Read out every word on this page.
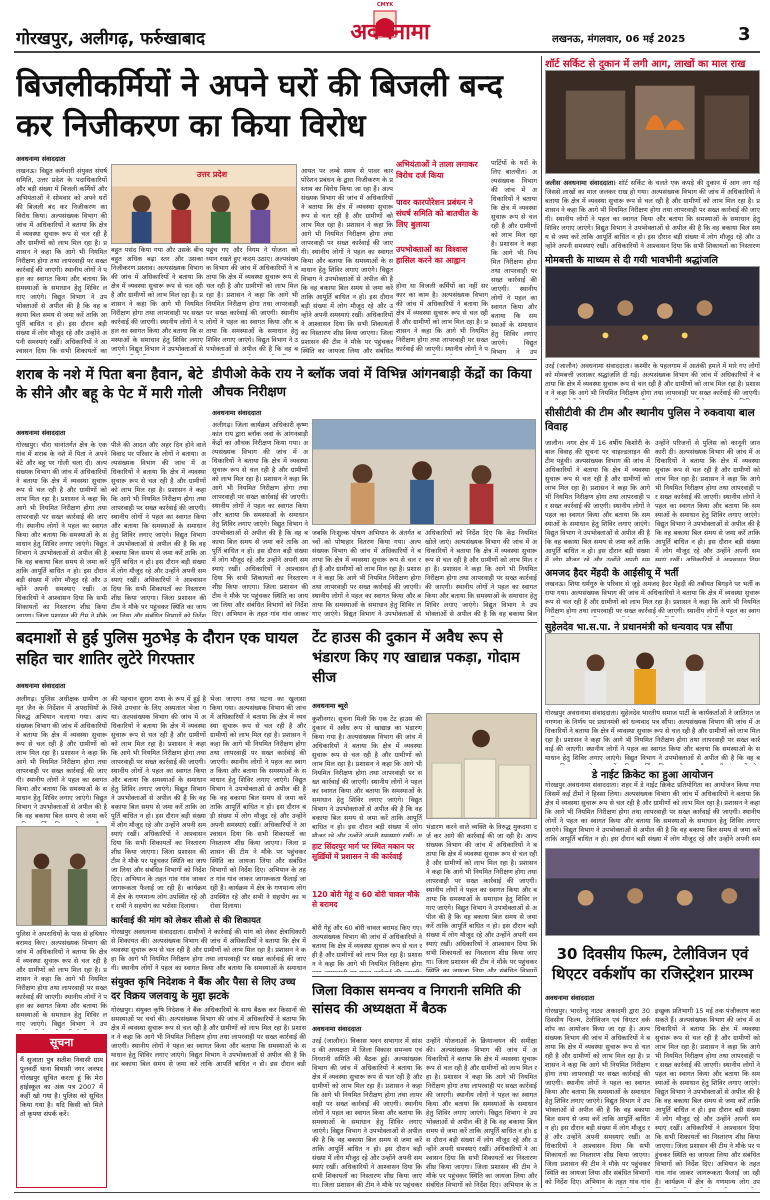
CMYK
गोरखपुर, अलीगढ़, फर्रुखाबाद	अवधनामा	लखनऊ, मंगलवार, 06 मई 2025	3
शॉर्ट सर्किट से दुकान में लगी आग, लाखों का माल राख
बिजलीकर्मियों ने अपने घरों की बिजली बन्द कर निजीकरण का किया विरोध
अवधनामा संवाददाता
लखनऊ। विद्युत कर्मचारी संयुक्त संघर्ष समिति, उत्तर प्रदेश के पदाधिकारियों और बड़ी संख्या में बिजली कर्मियों और अभियंताओं ने सोमवार को अपने घरों की बिजली बंद कर निजीकरण का विरोध किया। अल्पसंख्यक विभाग की जांच में अधिकारियों ने बताया कि क्षेत्र में व्यवस्था सुचारू रूप से चल रही है और ग्रामीणों को लाभ मिल रहा है। प्रशासन ने कहा कि आगे भी नियमित निरीक्षण होगा तथा लापरवाही पर सख्त कार्रवाई की जाएगी। स्थानीय लोगों ने पहल का स्वागत किया और बताया कि समस्याओं के समाधान हेतु शिविर लगाए जाएंगे। विद्युत विभाग ने उपभोक्ताओं से अपील की है कि वह बकाया बिल समय से जमा करें ताकि आपूर्ति बाधित न हो। इस दौरान बड़ी संख्या में लोग मौजूद रहे और उन्होंने अपनी समस्याएं रखीं। अधिकारियों ने आश्वासन दिया कि सभी शिकायतों का निस्तारण शीघ्र किया जाएगा। जिला प्रशासन की टीम ने मौके पर पहुंचकर स्थिति का जायजा लिया और संबंधित विभागों को निर्देश दिए। अभियान के तहत गांव गांव जाकर जागरूकता फैलाई जा रही है। कार्यक्रम में क्षेत्र के गणमान्य लोग उपस्थित रहे और सभी ने सहयोग का भरोसा दिलाया।
बहुत पसंद किया गया और उसके बीच बहुत अधिक बढ़ा स्तर और उसका निजीकरण प्रस्ताव। अल्पसंख्यक विभाग की जांच में अधिकारियों ने बताया कि क्षेत्र में व्यवस्था सुचारू रूप से चल रही है और ग्रामीणों को लाभ मिल रहा है। प्रशासन ने कहा कि आगे भी नियमित निरीक्षण होगा तथा लापरवाही पर सख्त कार्रवाई की जाएगी। स्थानीय लोगों ने पहल का स्वागत किया और बताया कि समस्याओं के समाधान हेतु शिविर लगाए जाएंगे। विद्युत विभाग ने उपभोक्ताओं से अपील की है कि वह बकाया बिल समय से जमा करें ताकि आपूर्ति बाधित न हो। इस दौरान बड़ी संख्या में लोग मौजूद रहे और उन्होंने अपनी समस्याएं रखीं। अधिकारियों ने आश्वासन दिया कि सभी शिकायतों का निस्तारण शीघ्र किया जाएगा। जिला प्रशासन की टीम ने मौके पर पहुंचकर स्थिति का जायजा लिया और संबंधित विभागों को निर्देश दिए। अभियान के तहत गांव गांव जाकर जागरूकता फैलाई जा रही है। कार्यक्रम में क्षेत्र के गणमान्य लोग उपस्थित रहे और सभी ने सहयोग का भरोसा दिलाया।
पहुंच गए और निगम ने योजना को ध्यान रखते हुए कदम उठाए। अल्पसंख्यक विभाग की जांच में अधिकारियों ने बताया कि क्षेत्र में व्यवस्था सुचारू रूप से चल रही है और ग्रामीणों को लाभ मिल रहा है। प्रशासन ने कहा कि आगे भी नियमित निरीक्षण होगा तथा लापरवाही पर सख्त कार्रवाई की जाएगी। स्थानीय लोगों ने पहल का स्वागत किया और बताया कि समस्याओं के समाधान हेतु शिविर लगाए जाएंगे। विद्युत विभाग ने उपभोक्ताओं से अपील की है कि वह बकाया बिल समय से जमा करें ताकि आपूर्ति बाधित न हो। इस दौरान बड़ी संख्या में लोग मौजूद रहे और उन्होंने अपनी समस्याएं रखीं। अधिकारियों ने आश्वासन दिया कि सभी शिकायतों का निस्तारण शीघ्र किया जाएगा। जिला प्रशासन की टीम ने मौके पर पहुंचकर स्थिति का जायजा लिया और संबंधित विभागों को निर्देश दिए। अभियान के तहत गांव गांव जाकर जागरूकता फैलाई जा रही है। कार्यक्रम में क्षेत्र के गणमान्य लोग उपस्थित रहे और सभी ने सहयोग का भरोसा दिलाया।
उत्तर प्रदेश	आयत पर लम्बे समय से पावर कारपोरेशन प्रबंधन के द्वारा निजीकरण के प्रस्ताव का विरोध किया जा रहा है। अल्पसंख्यक विभाग की जांच में अधिकारियों ने बताया कि क्षेत्र में व्यवस्था सुचारू रूप से चल रही है और ग्रामीणों को लाभ मिल रहा है। प्रशासन ने कहा कि आगे भी नियमित निरीक्षण होगा तथा लापरवाही पर सख्त कार्रवाई की जाएगी। स्थानीय लोगों ने पहल का स्वागत किया और बताया कि समस्याओं के समाधान हेतु शिविर लगाए जाएंगे। विद्युत विभाग ने उपभोक्ताओं से अपील की है कि वह बकाया बिल समय से जमा करें ताकि आपूर्ति बाधित न हो। इस दौरान बड़ी संख्या में लोग मौजूद रहे और उन्होंने अपनी समस्याएं रखीं। अधिकारियों ने आश्वासन दिया कि सभी शिकायतों का निस्तारण शीघ्र किया जाएगा। जिला प्रशासन की टीम ने मौके पर पहुंचकर स्थिति का जायजा लिया और संबंधित विभागों को निर्देश दिए। अभियान के तहत गांव गांव जाकर जागरूकता फैलाई जा रही है। कार्यक्रम में क्षेत्र के गणमान्य लोग उपस्थित रहे और सभी ने सहयोग का भरोसा दिलाया।
अभियंताओं ने ताला लगाकर विरोध दर्ज किया
पावर कारपोरेशन प्रबंधन ने संघर्ष समिति को बातचीत के लिए बुलाया
उपभोक्ताओं का विश्वास हासिल करने का आह्वान
होना था विजली कर्मियों का नहीं सरकार का काम है। अल्पसंख्यक विभाग की जांच में अधिकारियों ने बताया कि क्षेत्र में व्यवस्था सुचारू रूप से चल रही है और ग्रामीणों को लाभ मिल रहा है। प्रशासन ने कहा कि आगे भी नियमित निरीक्षण होगा तथा लापरवाही पर सख्त कार्रवाई की जाएगी। स्थानीय लोगों ने पहल का स्वागत किया और बताया कि समस्याओं के समाधान हेतु शिविर लगाए जाएंगे। विद्युत विभाग ने उपभोक्ताओं से अपील की है कि वह बकाया बिल समय से जमा करें ताकि आपूर्ति बाधित न हो। इस दौरान बड़ी संख्या में लोग मौजूद रहे और उन्होंने अपनी समस्याएं रखीं। अधिकारियों ने आश्वासन दिया कि सभी शिकायतों का निस्तारण शीघ्र किया जाएगा। जिला प्रशासन की टीम ने मौके पर पहुंचकर स्थिति का जायजा लिया और संबंधित विभागों को निर्देश दिए। अभियान के तहत गांव गांव जाकर जागरूकता फैलाई जा रही है। कार्यक्रम में क्षेत्र के गणमान्य लोग उपस्थित रहे और सभी ने सहयोग का भरोसा दिलाया।
पार्टियों के घरों के लिए बातचीत। अल्पसंख्यक विभाग की जांच में अधिकारियों ने बताया कि क्षेत्र में व्यवस्था सुचारू रूप से चल रही है और ग्रामीणों को लाभ मिल रहा है। प्रशासन ने कहा कि आगे भी नियमित निरीक्षण होगा तथा लापरवाही पर सख्त कार्रवाई की जाएगी। स्थानीय लोगों ने पहल का स्वागत किया और बताया कि समस्याओं के समाधान हेतु शिविर लगाए जाएंगे। विद्युत विभाग ने उपभोक्ताओं से अपील की है कि वह बकाया बिल समय से जमा करें ताकि आपूर्ति बाधित न हो। इस दौरान बड़ी संख्या में लोग मौजूद रहे और उन्होंने अपनी समस्याएं रखीं। अधिकारियों ने आश्वासन दिया कि सभी शिकायतों का निस्तारण शीघ्र किया जाएगा। जिला प्रशासन की टीम ने मौके पर पहुंचकर स्थिति का जायजा लिया और संबंधित विभागों को निर्देश दिए। अभियान के तहत गांव गांव जाकर जागरूकता फैलाई जा रही है। कार्यक्रम में क्षेत्र के गणमान्य लोग उपस्थित रहे और सभी ने सहयोग का भरोसा दिलाया।
जलीस अवधनामा संवाददाता। शॉर्ट सर्किट के चलते एक कपड़े की दुकान में आग लग गई जिससे लाखों का माल जलकर राख हो गया। अल्पसंख्यक विभाग की जांच में अधिकारियों ने बताया कि क्षेत्र में व्यवस्था सुचारू रूप से चल रही है और ग्रामीणों को लाभ मिल रहा है। प्रशासन ने कहा कि आगे भी नियमित निरीक्षण होगा तथा लापरवाही पर सख्त कार्रवाई की जाएगी। स्थानीय लोगों ने पहल का स्वागत किया और बताया कि समस्याओं के समाधान हेतु शिविर लगाए जाएंगे। विद्युत विभाग ने उपभोक्ताओं से अपील की है कि वह बकाया बिल समय से जमा करें ताकि आपूर्ति बाधित न हो। इस दौरान बड़ी संख्या में लोग मौजूद रहे और उन्होंने अपनी समस्याएं रखीं। अधिकारियों ने आश्वासन दिया कि सभी शिकायतों का निस्तारण शीघ्र किया जाएगा। जिला प्रशासन की टीम ने मौके पर पहुंचकर स्थिति का जायजा लिया और संबंधित विभागों को निर्देश दिए। अभियान के तहत गांव गांव जाकर जागरूकता फैलाई जा रही है। कार्यक्रम में क्षेत्र के गणमान्य लोग उपस्थित रहे और सभी ने सहयोग का भरोसा दिलाया।
मोमबत्ती के माध्यम से दी गयी भावभीनी श्रद्धांजलि
उरई (जालौन) अवधनामा संवाददाता। कश्मीर के पहलगाम में आतंकी हमले में मारे गए लोगों को मोमबत्ती जलाकर श्रद्धांजलि दी गई। अल्पसंख्यक विभाग की जांच में अधिकारियों ने बताया कि क्षेत्र में व्यवस्था सुचारू रूप से चल रही है और ग्रामीणों को लाभ मिल रहा है। प्रशासन ने कहा कि आगे भी नियमित निरीक्षण होगा तथा लापरवाही पर सख्त कार्रवाई की जाएगी। स्थानीय लोगों ने पहल का स्वागत किया और बताया कि समस्याओं के समाधान हेतु शिविर लगाए जाएंगे। विद्युत विभाग ने उपभोक्ताओं से अपील की है कि वह बकाया बिल समय से जमा करें ताकि आपूर्ति बाधित न हो। इस दौरान बड़ी संख्या में लोग मौजूद रहे और उन्होंने अपनी समस्याएं रखीं। अधिकारियों ने आश्वासन दिया कि सभी शिकायतों का निस्तारण शीघ्र किया जाएगा। जिला प्रशासन की टीम ने मौके पर पहुंचकर स्थिति का जायजा लिया और संबंधित विभागों को निर्देश दिए। अभियान के तहत गांव गांव जाकर जागरूकता फैलाई जा रही है। कार्यक्रम में क्षेत्र के गणमान्य लोग उपस्थित रहे और सभी ने सहयोग का भरोसा दिलाया।
शराब के नशे में पिता बना हैवान, बेटे के सीने और बहू के पेट में मारी गोली
अवधनामा संवाददाता
गोरखपुर। चौरा थानांतर्गत क्षेत्र के एक गांव में शराब के नशे में पिता ने अपने बेटे और बहू पर गोली चला दी। अल्पसंख्यक विभाग की जांच में अधिकारियों ने बताया कि क्षेत्र में व्यवस्था सुचारू रूप से चल रही है और ग्रामीणों को लाभ मिल रहा है। प्रशासन ने कहा कि आगे भी नियमित निरीक्षण होगा तथा लापरवाही पर सख्त कार्रवाई की जाएगी। स्थानीय लोगों ने पहल का स्वागत किया और बताया कि समस्याओं के समाधान हेतु शिविर लगाए जाएंगे। विद्युत विभाग ने उपभोक्ताओं से अपील की है कि वह बकाया बिल समय से जमा करें ताकि आपूर्ति बाधित न हो। इस दौरान बड़ी संख्या में लोग मौजूद रहे और उन्होंने अपनी समस्याएं रखीं। अधिकारियों ने आश्वासन दिया कि सभी शिकायतों का निस्तारण शीघ्र किया जाएगा। जिला प्रशासन की टीम ने मौके पर पहुंचकर स्थिति का जायजा लिया और संबंधित विभागों को निर्देश दिए। अभियान के तहत गांव गांव जाकर जागरूकता फैलाई जा रही है। कार्यक्रम में क्षेत्र के गणमान्य लोग उपस्थित रहे और सभी ने सहयोग का भरोसा दिलाया।
पीले की आदत और अहर दिन होने वाले विवाद पर परिवार के लोगों ने बताया। अल्पसंख्यक विभाग की जांच में अधिकारियों ने बताया कि क्षेत्र में व्यवस्था सुचारू रूप से चल रही है और ग्रामीणों को लाभ मिल रहा है। प्रशासन ने कहा कि आगे भी नियमित निरीक्षण होगा तथा लापरवाही पर सख्त कार्रवाई की जाएगी। स्थानीय लोगों ने पहल का स्वागत किया और बताया कि समस्याओं के समाधान हेतु शिविर लगाए जाएंगे। विद्युत विभाग ने उपभोक्ताओं से अपील की है कि वह बकाया बिल समय से जमा करें ताकि आपूर्ति बाधित न हो। इस दौरान बड़ी संख्या में लोग मौजूद रहे और उन्होंने अपनी समस्याएं रखीं। अधिकारियों ने आश्वासन दिया कि सभी शिकायतों का निस्तारण शीघ्र किया जाएगा। जिला प्रशासन की टीम ने मौके पर पहुंचकर स्थिति का जायजा लिया और संबंधित विभागों को निर्देश दिए। अभियान के तहत गांव गांव जाकर जागरूकता फैलाई जा रही है। कार्यक्रम में क्षेत्र के गणमान्य लोग उपस्थित रहे और सभी ने सहयोग का भरोसा दिलाया।
डीपीओ केके राय ने ब्लॉक जवां में विभिन्न आंगनबाड़ी केंद्रों का किया औचक निरीक्षण
अवधनामा संवाददाता
अलीगढ़। जिला कार्यक्रम अधिकारी कृष्ण कांत राय द्वारा ब्लॉक जवां के आंगनबाड़ी केंद्रों का औचक निरीक्षण किया गया। अल्पसंख्यक विभाग की जांच में अधिकारियों ने बताया कि क्षेत्र में व्यवस्था सुचारू रूप से चल रही है और ग्रामीणों को लाभ मिल रहा है। प्रशासन ने कहा कि आगे भी नियमित निरीक्षण होगा तथा लापरवाही पर सख्त कार्रवाई की जाएगी। स्थानीय लोगों ने पहल का स्वागत किया और बताया कि समस्याओं के समाधान हेतु शिविर लगाए जाएंगे। विद्युत विभाग ने उपभोक्ताओं से अपील की है कि वह बकाया बिल समय से जमा करें ताकि आपूर्ति बाधित न हो। इस दौरान बड़ी संख्या में लोग मौजूद रहे और उन्होंने अपनी समस्याएं रखीं। अधिकारियों ने आश्वासन दिया कि सभी शिकायतों का निस्तारण शीघ्र किया जाएगा। जिला प्रशासन की टीम ने मौके पर पहुंचकर स्थिति का जायजा लिया और संबंधित विभागों को निर्देश दिए। अभियान के तहत गांव गांव जाकर जागरूकता फैलाई जा रही है। कार्यक्रम में क्षेत्र के गणमान्य लोग उपस्थित रहे और सभी ने सहयोग का भरोसा दिलाया।
जबकि निःशुल्क पोषण अभियान के अंतर्गत बच्चों को पोषाहार वितरण किया गया। अल्पसंख्यक विभाग की जांच में अधिकारियों ने बताया कि क्षेत्र में व्यवस्था सुचारू रूप से चल रही है और ग्रामीणों को लाभ मिल रहा है। प्रशासन ने कहा कि आगे भी नियमित निरीक्षण होगा तथा लापरवाही पर सख्त कार्रवाई की जाएगी। स्थानीय लोगों ने पहल का स्वागत किया और बताया कि समस्याओं के समाधान हेतु शिविर लगाए जाएंगे। विद्युत विभाग ने उपभोक्ताओं से अपील की है कि वह बकाया बिल समय से जमा करें ताकि आपूर्ति बाधित न हो। इस दौरान बड़ी संख्या में लोग मौजूद रहे और उन्होंने अपनी समस्याएं रखीं। अधिकारियों ने आश्वासन दिया कि सभी शिकायतों का निस्तारण शीघ्र किया जाएगा। जिला प्रशासन की टीम ने मौके पर पहुंचकर स्थिति का जायजा लिया और संबंधित विभागों को निर्देश दिए। अभियान के तहत गांव गांव जाकर जागरूकता फैलाई जा रही है। कार्यक्रम में क्षेत्र के गणमान्य लोग उपस्थित रहे और सभी ने सहयोग का भरोसा दिलाया।
अधिकारियों को निर्देश दिए कि केंद्र नियमित खोले जाएं। अल्पसंख्यक विभाग की जांच में अधिकारियों ने बताया कि क्षेत्र में व्यवस्था सुचारू रूप से चल रही है और ग्रामीणों को लाभ मिल रहा है। प्रशासन ने कहा कि आगे भी नियमित निरीक्षण होगा तथा लापरवाही पर सख्त कार्रवाई की जाएगी। स्थानीय लोगों ने पहल का स्वागत किया और बताया कि समस्याओं के समाधान हेतु शिविर लगाए जाएंगे। विद्युत विभाग ने उपभोक्ताओं से अपील की है कि वह बकाया बिल समय से जमा करें ताकि आपूर्ति बाधित न हो। इस दौरान बड़ी संख्या में लोग मौजूद रहे और उन्होंने अपनी समस्याएं रखीं। अधिकारियों ने आश्वासन दिया कि सभी शिकायतों का निस्तारण शीघ्र किया जाएगा। जिला प्रशासन की टीम ने मौके पर पहुंचकर स्थिति का जायजा लिया और संबंधित विभागों को निर्देश दिए। अभियान के तहत गांव गांव जाकर जागरूकता फैलाई जा रही है। कार्यक्रम में क्षेत्र के गणमान्य लोग उपस्थित रहे और सभी ने सहयोग का भरोसा दिलाया।
सीसीटीवी की टीम और स्थानीय पुलिस ने रुकवाया बाल विवाह
जालौन। नगर क्षेत्र में 16 वर्षीय किशोरी के बाल विवाह की सूचना पर चाइल्डलाइन की टीम पहुंची। अल्पसंख्यक विभाग की जांच में अधिकारियों ने बताया कि क्षेत्र में व्यवस्था सुचारू रूप से चल रही है और ग्रामीणों को लाभ मिल रहा है। प्रशासन ने कहा कि आगे भी नियमित निरीक्षण होगा तथा लापरवाही पर सख्त कार्रवाई की जाएगी। स्थानीय लोगों ने पहल का स्वागत किया और बताया कि समस्याओं के समाधान हेतु शिविर लगाए जाएंगे। विद्युत विभाग ने उपभोक्ताओं से अपील की है कि वह बकाया बिल समय से जमा करें ताकि आपूर्ति बाधित न हो। इस दौरान बड़ी संख्या में लोग मौजूद रहे और उन्होंने अपनी समस्याएं रखीं। अधिकारियों ने आश्वासन दिया कि सभी शिकायतों का निस्तारण शीघ्र किया जाएगा। जिला प्रशासन की टीम ने मौके पर पहुंचकर स्थिति का जायजा लिया और संबंधित विभागों को निर्देश दिए। अभियान के तहत गांव गांव जाकर जागरूकता फैलाई जा रही है। कार्यक्रम में क्षेत्र के गणमान्य लोग उपस्थित रहे और सभी ने सहयोग का भरोसा दिलाया।
उन्होंने परिजनों से पुलिस को कानूनी जानकारी दी। अल्पसंख्यक विभाग की जांच में अधिकारियों ने बताया कि क्षेत्र में व्यवस्था सुचारू रूप से चल रही है और ग्रामीणों को लाभ मिल रहा है। प्रशासन ने कहा कि आगे भी नियमित निरीक्षण होगा तथा लापरवाही पर सख्त कार्रवाई की जाएगी। स्थानीय लोगों ने पहल का स्वागत किया और बताया कि समस्याओं के समाधान हेतु शिविर लगाए जाएंगे। विद्युत विभाग ने उपभोक्ताओं से अपील की है कि वह बकाया बिल समय से जमा करें ताकि आपूर्ति बाधित न हो। इस दौरान बड़ी संख्या में लोग मौजूद रहे और उन्होंने अपनी समस्याएं रखीं। अधिकारियों ने आश्वासन दिया कि सभी शिकायतों का निस्तारण शीघ्र किया जाएगा। जिला प्रशासन की टीम ने मौके पर पहुंचकर स्थिति का जायजा लिया और संबंधित विभागों को निर्देश दिए। अभियान के तहत गांव गांव जाकर जागरूकता फैलाई जा रही है। कार्यक्रम में क्षेत्र के गणमान्य लोग उपस्थित रहे और सभी ने सहयोग का भरोसा दिलाया।
अमजद हैदर मेंहदी के आईसीयू में भर्ती
लखनऊ। शिया धर्मगुरु के परिवार से जुड़े अमजद हैदर मेंहदी की तबीयत बिगड़ने पर भर्ती कराया गया। अल्पसंख्यक विभाग की जांच में अधिकारियों ने बताया कि क्षेत्र में व्यवस्था सुचारू रूप से चल रही है और ग्रामीणों को लाभ मिल रहा है। प्रशासन ने कहा कि आगे भी नियमित निरीक्षण होगा तथा लापरवाही पर सख्त कार्रवाई की जाएगी। स्थानीय लोगों ने पहल का स्वागत किया और बताया कि समस्याओं के समाधान हेतु शिविर लगाए जाएंगे। विद्युत विभाग ने उपभोक्ताओं से अपील की है कि वह बकाया बिल समय से जमा करें ताकि आपूर्ति बाधित न हो। इस दौरान बड़ी संख्या में लोग मौजूद रहे और उन्होंने अपनी समस्याएं रखीं। अधिकारियों ने आश्वासन दिया कि सभी शिकायतों का निस्तारण शीघ्र किया जाएगा। जिला प्रशासन की टीम ने मौके पर पहुंचकर स्थिति का जायजा लिया और संबंधित विभागों को निर्देश दिए। अभियान के तहत गांव गांव जाकर जागरूकता फैलाई जा रही है। कार्यक्रम में क्षेत्र के गणमान्य लोग उपस्थित रहे और सभी ने सहयोग का भरोसा दिलाया।
सुहेलदेव भा.स.पा. ने प्रधानमंत्री को धन्यवाद पत्र सौंपा
गोरखपुर अवधनामा संवाददाता। सुहेलदेव भारतीय समाज पार्टी के कार्यकर्ताओं ने जातिगत जनगणना के निर्णय पर प्रधानमंत्री को धन्यवाद पत्र सौंपा। अल्पसंख्यक विभाग की जांच में अधिकारियों ने बताया कि क्षेत्र में व्यवस्था सुचारू रूप से चल रही है और ग्रामीणों को लाभ मिल रहा है। प्रशासन ने कहा कि आगे भी नियमित निरीक्षण होगा तथा लापरवाही पर सख्त कार्रवाई की जाएगी। स्थानीय लोगों ने पहल का स्वागत किया और बताया कि समस्याओं के समाधान हेतु शिविर लगाए जाएंगे। विद्युत विभाग ने उपभोक्ताओं से अपील की है कि वह बकाया बिल समय से जमा करें ताकि आपूर्ति बाधित न हो। इस दौरान बड़ी संख्या में लोग मौजूद रहे और उन्होंने अपनी समस्याएं रखीं। अधिकारियों ने आश्वासन दिया कि सभी शिकायतों का निस्तारण शीघ्र किया जाएगा। जिला प्रशासन की टीम ने मौके पर पहुंचकर स्थिति का जायजा लिया और संबंधित विभागों को निर्देश दिए। अभियान के तहत गांव गांव जाकर जागरूकता फैलाई जा रही है। कार्यक्रम में क्षेत्र के गणमान्य लोग उपस्थित रहे और सभी ने सहयोग का भरोसा दिलाया।
डे नाईट क्रिकेट का हुआ आयोजन
गोरखपुर अवधनामा संवाददाता। शहर में डे नाईट क्रिकेट प्रतियोगिता का आयोजन किया गया जिसमें कई टीमों ने हिस्सा लिया। अल्पसंख्यक विभाग की जांच में अधिकारियों ने बताया कि क्षेत्र में व्यवस्था सुचारू रूप से चल रही है और ग्रामीणों को लाभ मिल रहा है। प्रशासन ने कहा कि आगे भी नियमित निरीक्षण होगा तथा लापरवाही पर सख्त कार्रवाई की जाएगी। स्थानीय लोगों ने पहल का स्वागत किया और बताया कि समस्याओं के समाधान हेतु शिविर लगाए जाएंगे। विद्युत विभाग ने उपभोक्ताओं से अपील की है कि वह बकाया बिल समय से जमा करें ताकि आपूर्ति बाधित न हो। इस दौरान बड़ी संख्या में लोग मौजूद रहे और उन्होंने अपनी समस्याएं रखीं। अधिकारियों ने आश्वासन दिया कि सभी शिकायतों का निस्तारण शीघ्र किया जाएगा। जिला प्रशासन की टीम ने मौके पर पहुंचकर स्थिति का जायजा लिया और संबंधित विभागों को निर्देश दिए। अभियान के तहत गांव गांव जाकर जागरूकता फैलाई जा रही है। कार्यक्रम में क्षेत्र के गणमान्य लोग उपस्थित रहे और सभी ने सहयोग का भरोसा दिलाया।
बदमाशों से हुई पुलिस मुठभेड़ के दौरान एक घायल सहित चार शातिर लुटेरे गिरफ्तार
अवधनामा संवाददाता
अलीगढ़। पुलिस अधीक्षक ग्रामीण अमृत जैन के निर्देशन में अपराधियों के विरुद्ध अभियान चलाया गया। अल्पसंख्यक विभाग की जांच में अधिकारियों ने बताया कि क्षेत्र में व्यवस्था सुचारू रूप से चल रही है और ग्रामीणों को लाभ मिल रहा है। प्रशासन ने कहा कि आगे भी नियमित निरीक्षण होगा तथा लापरवाही पर सख्त कार्रवाई की जाएगी। स्थानीय लोगों ने पहल का स्वागत किया और बताया कि समस्याओं के समाधान हेतु शिविर लगाए जाएंगे। विद्युत विभाग ने उपभोक्ताओं से अपील की है कि वह बकाया बिल समय से जमा करें ताकि आपूर्ति बाधित न हो। इस दौरान बड़ी संख्या में लोग मौजूद रहे और उन्होंने अपनी समस्याएं रखीं। अधिकारियों ने आश्वासन दिया कि सभी शिकायतों का निस्तारण शीघ्र किया जाएगा। जिला प्रशासन की टीम ने मौके पर पहुंचकर स्थिति का जायजा लिया और संबंधित विभागों को निर्देश दिए। अभियान के तहत गांव गांव जाकर जागरूकता फैलाई जा रही है। कार्यक्रम में क्षेत्र के गणमान्य लोग उपस्थित रहे और सभी ने सहयोग का भरोसा दिलाया।
पुलिस ने अपराधियों के पास से हथियार बरामद किए। अल्पसंख्यक विभाग की जांच में अधिकारियों ने बताया कि क्षेत्र में व्यवस्था सुचारू रूप से चल रही है और ग्रामीणों को लाभ मिल रहा है। प्रशासन ने कहा कि आगे भी नियमित निरीक्षण होगा तथा लापरवाही पर सख्त कार्रवाई की जाएगी। स्थानीय लोगों ने पहल का स्वागत किया और बताया कि समस्याओं के समाधान हेतु शिविर लगाए जाएंगे। विद्युत विभाग ने उपभोक्ताओं से अपील की है कि वह बकाया बिल समय से जमा करें ताकि आपूर्ति बाधित न हो। इस दौरान बड़ी संख्या में लोग मौजूद रहे और उन्होंने अपनी समस्याएं रखीं। अधिकारियों ने आश्वासन दिया कि सभी शिकायतों का निस्तारण शीघ्र किया जाएगा। जिला प्रशासन की टीम ने मौके पर पहुंचकर स्थिति का जायजा लिया और संबंधित विभागों को निर्देश दिए। अभियान के तहत गांव गांव जाकर जागरूकता फैलाई जा रही है। कार्यक्रम में क्षेत्र के गणमान्य लोग उपस्थित रहे और सभी ने सहयोग का भरोसा दिलाया।
की पहचान सुराग राणा के रूप में हुई है जिसे उपचार के लिए अस्पताल भेजा गया। अल्पसंख्यक विभाग की जांच में अधिकारियों ने बताया कि क्षेत्र में व्यवस्था सुचारू रूप से चल रही है और ग्रामीणों को लाभ मिल रहा है। प्रशासन ने कहा कि आगे भी नियमित निरीक्षण होगा तथा लापरवाही पर सख्त कार्रवाई की जाएगी। स्थानीय लोगों ने पहल का स्वागत किया और बताया कि समस्याओं के समाधान हेतु शिविर लगाए जाएंगे। विद्युत विभाग ने उपभोक्ताओं से अपील की है कि वह बकाया बिल समय से जमा करें ताकि आपूर्ति बाधित न हो। इस दौरान बड़ी संख्या में लोग मौजूद रहे और उन्होंने अपनी समस्याएं रखीं। अधिकारियों ने आश्वासन दिया कि सभी शिकायतों का निस्तारण शीघ्र किया जाएगा। जिला प्रशासन की टीम ने मौके पर पहुंचकर स्थिति का जायजा लिया और संबंधित विभागों को निर्देश दिए। अभियान के तहत गांव गांव जाकर जागरूकता फैलाई जा रही है। कार्यक्रम में क्षेत्र के गणमान्य लोग उपस्थित रहे और सभी ने सहयोग का भरोसा दिलाया।
भेजा जाएगा तथा घटना का खुलासा किया गया। अल्पसंख्यक विभाग की जांच में अधिकारियों ने बताया कि क्षेत्र में व्यवस्था सुचारू रूप से चल रही है और ग्रामीणों को लाभ मिल रहा है। प्रशासन ने कहा कि आगे भी नियमित निरीक्षण होगा तथा लापरवाही पर सख्त कार्रवाई की जाएगी। स्थानीय लोगों ने पहल का स्वागत किया और बताया कि समस्याओं के समाधान हेतु शिविर लगाए जाएंगे। विद्युत विभाग ने उपभोक्ताओं से अपील की है कि वह बकाया बिल समय से जमा करें ताकि आपूर्ति बाधित न हो। इस दौरान बड़ी संख्या में लोग मौजूद रहे और उन्होंने अपनी समस्याएं रखीं। अधिकारियों ने आश्वासन दिया कि सभी शिकायतों का निस्तारण शीघ्र किया जाएगा। जिला प्रशासन की टीम ने मौके पर पहुंचकर स्थिति का जायजा लिया और संबंधित विभागों को निर्देश दिए। अभियान के तहत गांव गांव जाकर जागरूकता फैलाई जा रही है। कार्यक्रम में क्षेत्र के गणमान्य लोग उपस्थित रहे और सभी ने सहयोग का भरोसा दिलाया।
कार्रवाई की मांग को लेकर सीओ से की शिकायत
गोरखपुर अवधनामा संवाददाता। ग्रामीणों ने कार्रवाई की मांग को लेकर क्षेत्राधिकारी से शिकायत की। अल्पसंख्यक विभाग की जांच में अधिकारियों ने बताया कि क्षेत्र में व्यवस्था सुचारू रूप से चल रही है और ग्रामीणों को लाभ मिल रहा है। प्रशासन ने कहा कि आगे भी नियमित निरीक्षण होगा तथा लापरवाही पर सख्त कार्रवाई की जाएगी। स्थानीय लोगों ने पहल का स्वागत किया और बताया कि समस्याओं के समाधान हेतु शिविर लगाए जाएंगे। विद्युत विभाग ने उपभोक्ताओं से अपील की है कि वह बकाया बिल समय से जमा करें ताकि आपूर्ति बाधित न हो। इस दौरान बड़ी संख्या में लोग मौजूद रहे और उन्होंने अपनी समस्याएं रखीं। अधिकारियों ने आश्वासन दिया कि सभी शिकायतों का निस्तारण शीघ्र किया जाएगा। जिला प्रशासन की टीम ने मौके पर पहुंचकर स्थिति का जायजा लिया और संबंधित विभागों को निर्देश दिए। अभियान के तहत गांव गांव जाकर जागरूकता फैलाई जा रही है। कार्यक्रम में क्षेत्र के गणमान्य लोग उपस्थित रहे और सभी ने सहयोग का भरोसा दिलाया।
संयुक्त कृषि निदेशक ने बैंक और पैसा से लिए उच्च दर विक्रय जलवायु के मुद्दा झटके
गोरखपुर। संयुक्त कृषि निदेशक ने बैंक अधिकारियों के साथ बैठक कर किसानों की समस्याओं पर चर्चा की। अल्पसंख्यक विभाग की जांच में अधिकारियों ने बताया कि क्षेत्र में व्यवस्था सुचारू रूप से चल रही है और ग्रामीणों को लाभ मिल रहा है। प्रशासन ने कहा कि आगे भी नियमित निरीक्षण होगा तथा लापरवाही पर सख्त कार्रवाई की जाएगी। स्थानीय लोगों ने पहल का स्वागत किया और बताया कि समस्याओं के समाधान हेतु शिविर लगाए जाएंगे। विद्युत विभाग ने उपभोक्ताओं से अपील की है कि वह बकाया बिल समय से जमा करें ताकि आपूर्ति बाधित न हो। इस दौरान बड़ी संख्या में लोग मौजूद रहे और उन्होंने अपनी समस्याएं रखीं। अधिकारियों ने आश्वासन दिया कि सभी शिकायतों का निस्तारण शीघ्र किया जाएगा। जिला प्रशासन की टीम ने मौके पर पहुंचकर स्थिति का जायजा लिया और संबंधित विभागों को निर्देश दिए। अभियान के तहत गांव गांव जाकर जागरूकता फैलाई जा रही है। कार्यक्रम में क्षेत्र के गणमान्य लोग उपस्थित रहे और सभी ने सहयोग का भरोसा दिलाया।
सूचना
मैं सुजाता पुत्र सतीश निवासी ग्राम पुलवर्दी थाना वियासी नगर जनपद गोरखपुर सूचित करता हूं कि मेरा हाईस्कूल का अंक पत्र 2007 में कहीं खो गया है। पुलिस को सूचित किया गया है। यदि किसी को मिले तो कृपया संपर्क करें।
टेंट हाउस की दुकान में अवैध रूप से भंडारण किए गए खाद्यान्न पकड़ा, गोदाम सीज
अवधनामा ब्यूरो
कुशीनगर। सूचना मिली कि एक टेंट हाउस की दुकान में अवैध रूप से खाद्यान्न का भंडारण किया गया है। अल्पसंख्यक विभाग की जांच में अधिकारियों ने बताया कि क्षेत्र में व्यवस्था सुचारू रूप से चल रही है और ग्रामीणों को लाभ मिल रहा है। प्रशासन ने कहा कि आगे भी नियमित निरीक्षण होगा तथा लापरवाही पर सख्त कार्रवाई की जाएगी। स्थानीय लोगों ने पहल का स्वागत किया और बताया कि समस्याओं के समाधान हेतु शिविर लगाए जाएंगे। विद्युत विभाग ने उपभोक्ताओं से अपील की है कि वह बकाया बिल समय से जमा करें ताकि आपूर्ति बाधित न हो। इस दौरान बड़ी संख्या में लोग मौजूद रहे और उन्होंने अपनी समस्याएं रखीं। अधिकारियों ने आश्वासन दिया कि सभी शिकायतों का निस्तारण शीघ्र किया जाएगा। जिला प्रशासन की टीम ने मौके पर पहुंचकर स्थिति का जायजा लिया और संबंधित विभागों को निर्देश दिए। अभियान के तहत गांव गांव जाकर जागरूकता फैलाई जा रही है। कार्यक्रम में क्षेत्र के गणमान्य लोग उपस्थित रहे और सभी ने सहयोग का भरोसा दिलाया।
हाट सिंदरपुर मार्ग पर स्थित मकान पर सुर्ख़ियों में प्रशासन ने की कार्रवाई
120 बोरी गेहूं व 60 बोरी चावल मौके से बरामद
बोरी गेहूं और 60 बोरी चावल बरामद किए गए। अल्पसंख्यक विभाग की जांच में अधिकारियों ने बताया कि क्षेत्र में व्यवस्था सुचारू रूप से चल रही है और ग्रामीणों को लाभ मिल रहा है। प्रशासन ने कहा कि आगे भी नियमित निरीक्षण होगा तथा लापरवाही पर सख्त कार्रवाई की जाएगी। स्थानीय लोगों ने पहल का स्वागत किया और बताया कि समस्याओं के समाधान हेतु शिविर लगाए जाएंगे। विद्युत विभाग ने उपभोक्ताओं से अपील की है कि वह बकाया बिल समय से जमा करें ताकि आपूर्ति बाधित न हो। इस दौरान बड़ी संख्या में लोग मौजूद रहे और उन्होंने अपनी समस्याएं रखीं। अधिकारियों ने आश्वासन दिया कि सभी शिकायतों का निस्तारण शीघ्र किया जाएगा। जिला प्रशासन की टीम ने मौके पर पहुंचकर स्थिति का जायजा लिया और संबंधित विभागों को निर्देश दिए। अभियान के तहत गांव गांव जाकर जागरूकता फैलाई जा रही है। कार्यक्रम में क्षेत्र के गणमान्य लोग उपस्थित रहे और सभी ने सहयोग का भरोसा दिलाया।
भंडारण करने वाले व्यक्ति के विरुद्ध मुकदमा दर्ज कर आगे की कार्रवाई की जा रही है। अल्पसंख्यक विभाग की जांच में अधिकारियों ने बताया कि क्षेत्र में व्यवस्था सुचारू रूप से चल रही है और ग्रामीणों को लाभ मिल रहा है। प्रशासन ने कहा कि आगे भी नियमित निरीक्षण होगा तथा लापरवाही पर सख्त कार्रवाई की जाएगी। स्थानीय लोगों ने पहल का स्वागत किया और बताया कि समस्याओं के समाधान हेतु शिविर लगाए जाएंगे। विद्युत विभाग ने उपभोक्ताओं से अपील की है कि वह बकाया बिल समय से जमा करें ताकि आपूर्ति बाधित न हो। इस दौरान बड़ी संख्या में लोग मौजूद रहे और उन्होंने अपनी समस्याएं रखीं। अधिकारियों ने आश्वासन दिया कि सभी शिकायतों का निस्तारण शीघ्र किया जाएगा। जिला प्रशासन की टीम ने मौके पर पहुंचकर स्थिति का जायजा लिया और संबंधित विभागों को निर्देश दिए। अभियान के तहत गांव गांव जाकर जागरूकता फैलाई जा रही है। कार्यक्रम में क्षेत्र के गणमान्य लोग उपस्थित रहे और सभी ने सहयोग का भरोसा दिलाया।
जिला विकास समन्वय व निगरानी समिति की सांसद की अध्यक्षता में बैठक
अवधनामा संवाददाता
उरई (जालौन)। विकास भवन सभागार में सांसद की अध्यक्षता में जिला विकास समन्वय एवं निगरानी समिति की बैठक हुई। अल्पसंख्यक विभाग की जांच में अधिकारियों ने बताया कि क्षेत्र में व्यवस्था सुचारू रूप से चल रही है और ग्रामीणों को लाभ मिल रहा है। प्रशासन ने कहा कि आगे भी नियमित निरीक्षण होगा तथा लापरवाही पर सख्त कार्रवाई की जाएगी। स्थानीय लोगों ने पहल का स्वागत किया और बताया कि समस्याओं के समाधान हेतु शिविर लगाए जाएंगे। विद्युत विभाग ने उपभोक्ताओं से अपील की है कि वह बकाया बिल समय से जमा करें ताकि आपूर्ति बाधित न हो। इस दौरान बड़ी संख्या में लोग मौजूद रहे और उन्होंने अपनी समस्याएं रखीं। अधिकारियों ने आश्वासन दिया कि सभी शिकायतों का निस्तारण शीघ्र किया जाएगा। जिला प्रशासन की टीम ने मौके पर पहुंचकर स्थिति का जायजा लिया और संबंधित विभागों को निर्देश दिए। अभियान के तहत गांव गांव जाकर जागरूकता फैलाई जा रही है। कार्यक्रम में क्षेत्र के गणमान्य लोग उपस्थित रहे और सभी ने सहयोग का भरोसा दिलाया।
उन्होंने योजनाओं के क्रियान्वयन की समीक्षा की। अल्पसंख्यक विभाग की जांच में अधिकारियों ने बताया कि क्षेत्र में व्यवस्था सुचारू रूप से चल रही है और ग्रामीणों को लाभ मिल रहा है। प्रशासन ने कहा कि आगे भी नियमित निरीक्षण होगा तथा लापरवाही पर सख्त कार्रवाई की जाएगी। स्थानीय लोगों ने पहल का स्वागत किया और बताया कि समस्याओं के समाधान हेतु शिविर लगाए जाएंगे। विद्युत विभाग ने उपभोक्ताओं से अपील की है कि वह बकाया बिल समय से जमा करें ताकि आपूर्ति बाधित न हो। इस दौरान बड़ी संख्या में लोग मौजूद रहे और उन्होंने अपनी समस्याएं रखीं। अधिकारियों ने आश्वासन दिया कि सभी शिकायतों का निस्तारण शीघ्र किया जाएगा। जिला प्रशासन की टीम ने मौके पर पहुंचकर स्थिति का जायजा लिया और संबंधित विभागों को निर्देश दिए। अभियान के तहत गांव गांव जाकर जागरूकता फैलाई जा रही है। कार्यक्रम में क्षेत्र के गणमान्य लोग उपस्थित रहे और सभी ने सहयोग का भरोसा दिलाया।
30 दिवसीय फिल्म, टेलीविजन एवं थिएटर वर्कशॉप का रजिस्ट्रेशन प्रारम्भ
अवधनामा संवाददाता
गोरखपुर। भारतेन्दु नाट्य अकादमी द्वारा 30 दिवसीय फिल्म, टेलीविजन एवं थिएटर वर्कशॉप का आयोजन किया जा रहा है। अल्पसंख्यक विभाग की जांच में अधिकारियों ने बताया कि क्षेत्र में व्यवस्था सुचारू रूप से चल रही है और ग्रामीणों को लाभ मिल रहा है। प्रशासन ने कहा कि आगे भी नियमित निरीक्षण होगा तथा लापरवाही पर सख्त कार्रवाई की जाएगी। स्थानीय लोगों ने पहल का स्वागत किया और बताया कि समस्याओं के समाधान हेतु शिविर लगाए जाएंगे। विद्युत विभाग ने उपभोक्ताओं से अपील की है कि वह बकाया बिल समय से जमा करें ताकि आपूर्ति बाधित न हो। इस दौरान बड़ी संख्या में लोग मौजूद रहे और उन्होंने अपनी समस्याएं रखीं। अधिकारियों ने आश्वासन दिया कि सभी शिकायतों का निस्तारण शीघ्र किया जाएगा। जिला प्रशासन की टीम ने मौके पर पहुंचकर स्थिति का जायजा लिया और संबंधित विभागों को निर्देश दिए। अभियान के तहत गांव गांव जाकर जागरूकता फैलाई जा रही है। कार्यक्रम में क्षेत्र के गणमान्य लोग उपस्थित रहे और सभी ने सहयोग का भरोसा दिलाया।
इच्छुक प्रतिभागी 15 मई तक पंजीकरण करा सकते हैं। अल्पसंख्यक विभाग की जांच में अधिकारियों ने बताया कि क्षेत्र में व्यवस्था सुचारू रूप से चल रही है और ग्रामीणों को लाभ मिल रहा है। प्रशासन ने कहा कि आगे भी नियमित निरीक्षण होगा तथा लापरवाही पर सख्त कार्रवाई की जाएगी। स्थानीय लोगों ने पहल का स्वागत किया और बताया कि समस्याओं के समाधान हेतु शिविर लगाए जाएंगे। विद्युत विभाग ने उपभोक्ताओं से अपील की है कि वह बकाया बिल समय से जमा करें ताकि आपूर्ति बाधित न हो। इस दौरान बड़ी संख्या में लोग मौजूद रहे और उन्होंने अपनी समस्याएं रखीं। अधिकारियों ने आश्वासन दिया कि सभी शिकायतों का निस्तारण शीघ्र किया जाएगा। जिला प्रशासन की टीम ने मौके पर पहुंचकर स्थिति का जायजा लिया और संबंधित विभागों को निर्देश दिए। अभियान के तहत गांव गांव जाकर जागरूकता फैलाई जा रही है। कार्यक्रम में क्षेत्र के गणमान्य लोग उपस्थित रहे और सभी ने सहयोग का भरोसा दिलाया।
